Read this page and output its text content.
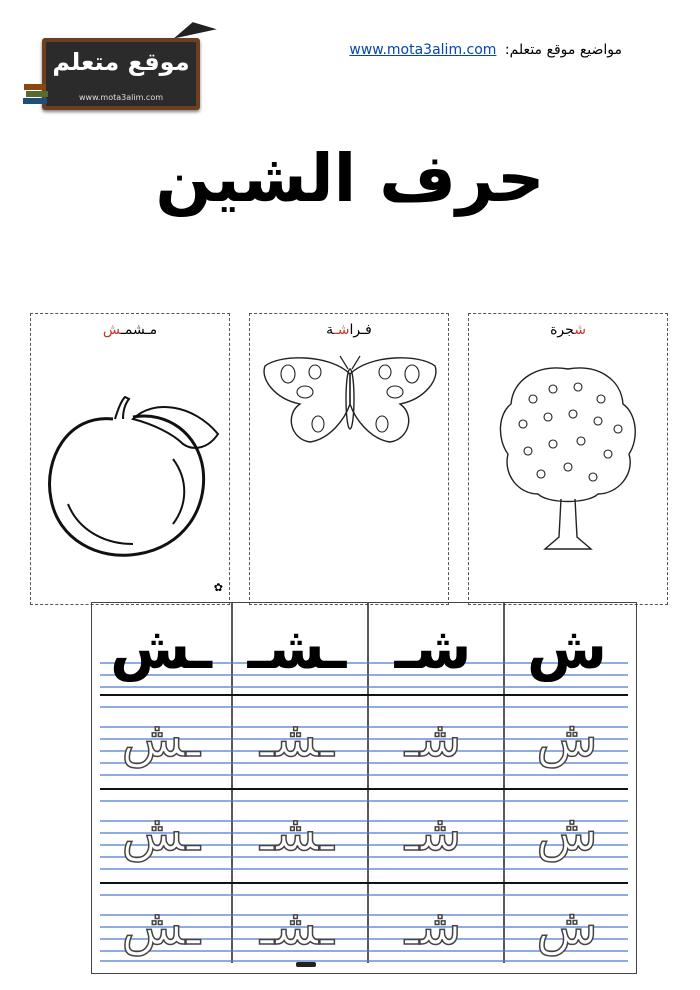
موقع متعلم
www.mota3alim.com
مواضيع موقع متعلم: www.mota3alim.com
حرف الشين
شجرة
فـراشـة
مـشمـش
✿
ش
شـ
ـشـ
ـش
ش
شـ
ـشـ
ـش
ش
شـ
ـشـ
ـش
ش
شـ
ـشـ
ـش
